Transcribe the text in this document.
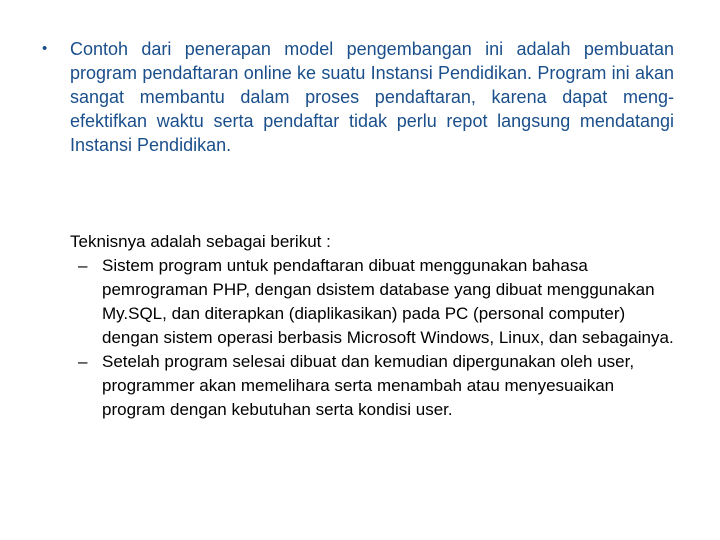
• Contoh dari penerapan model pengembangan ini adalah pembuatan program pendaftaran online ke suatu Instansi Pendidikan. Program ini akan sangat membantu dalam proses pendaftaran, karena dapat meng-efektifkan waktu serta pendaftar tidak perlu repot langsung mendatangi Instansi Pendidikan.

Teknisnya adalah sebagai berikut :

– Sistem program untuk pendaftaran dibuat menggunakan bahasa pemrograman PHP, dengan dsistem database yang dibuat menggunakan My.SQL, dan diterapkan (diaplikasikan) pada PC (personal computer) dengan sistem operasi berbasis Microsoft Windows, Linux, dan sebagainya.
– Setelah program selesai dibuat dan kemudian dipergunakan oleh user, programmer akan memelihara serta menambah atau menyesuaikan program dengan kebutuhan serta kondisi user.
